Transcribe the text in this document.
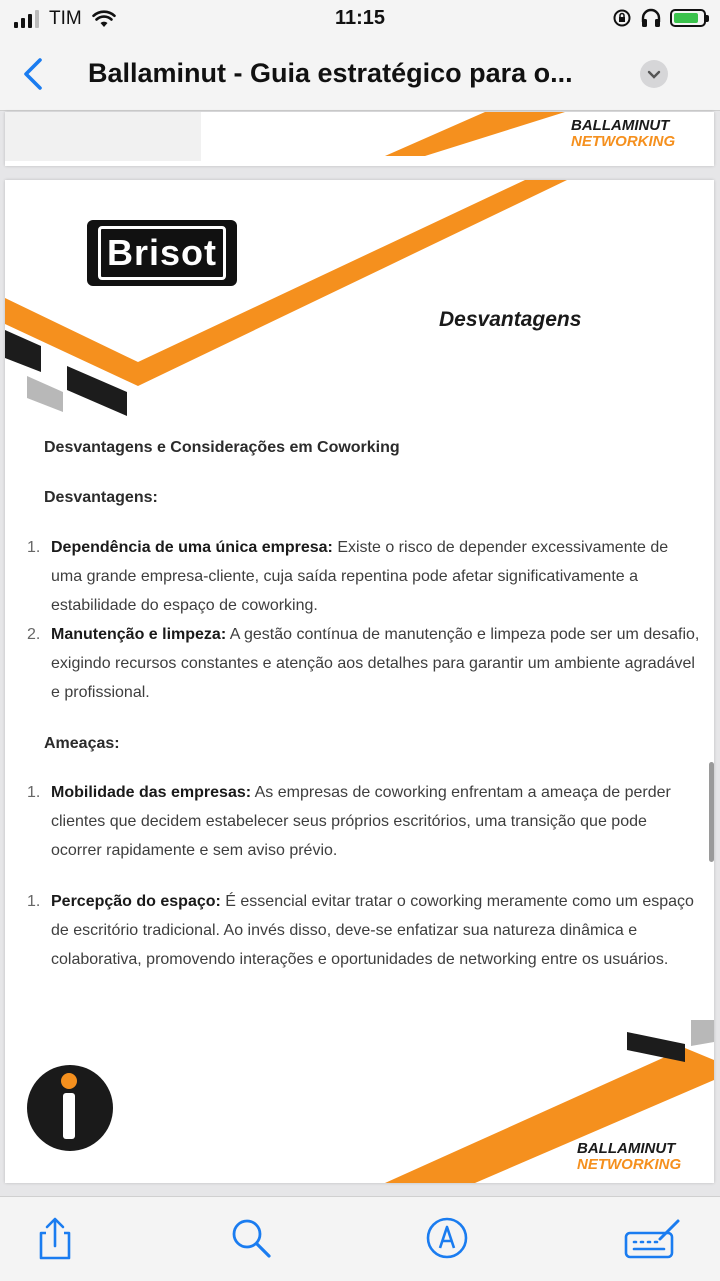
TIM	11:15
Ballaminut - Guia estratégico para o...
BALLAMINUT
NETWORKING
Brisot
Desvantagens
Desvantagens e Considerações em Coworking
Desvantagens:
1. Dependência de uma única empresa: Existe o risco de depender excessivamente de uma grande empresa-cliente, cuja saída repentina pode afetar significativamente a estabilidade do espaço de coworking.
2. Manutenção e limpeza: A gestão contínua de manutenção e limpeza pode ser um desafio, exigindo recursos constantes e atenção aos detalhes para garantir um ambiente agradável e profissional.
Ameaças:
1. Mobilidade das empresas: As empresas de coworking enfrentam a ameaça de perder clientes que decidem estabelecer seus próprios escritórios, uma transição que pode ocorrer rapidamente e sem aviso prévio.
1. Percepção do espaço: É essencial evitar tratar o coworking meramente como um espaço de escritório tradicional. Ao invés disso, deve-se enfatizar sua natureza dinâmica e colaborativa, promovendo interações e oportunidades de networking entre os usuários.
BALLAMINUT
NETWORKING
